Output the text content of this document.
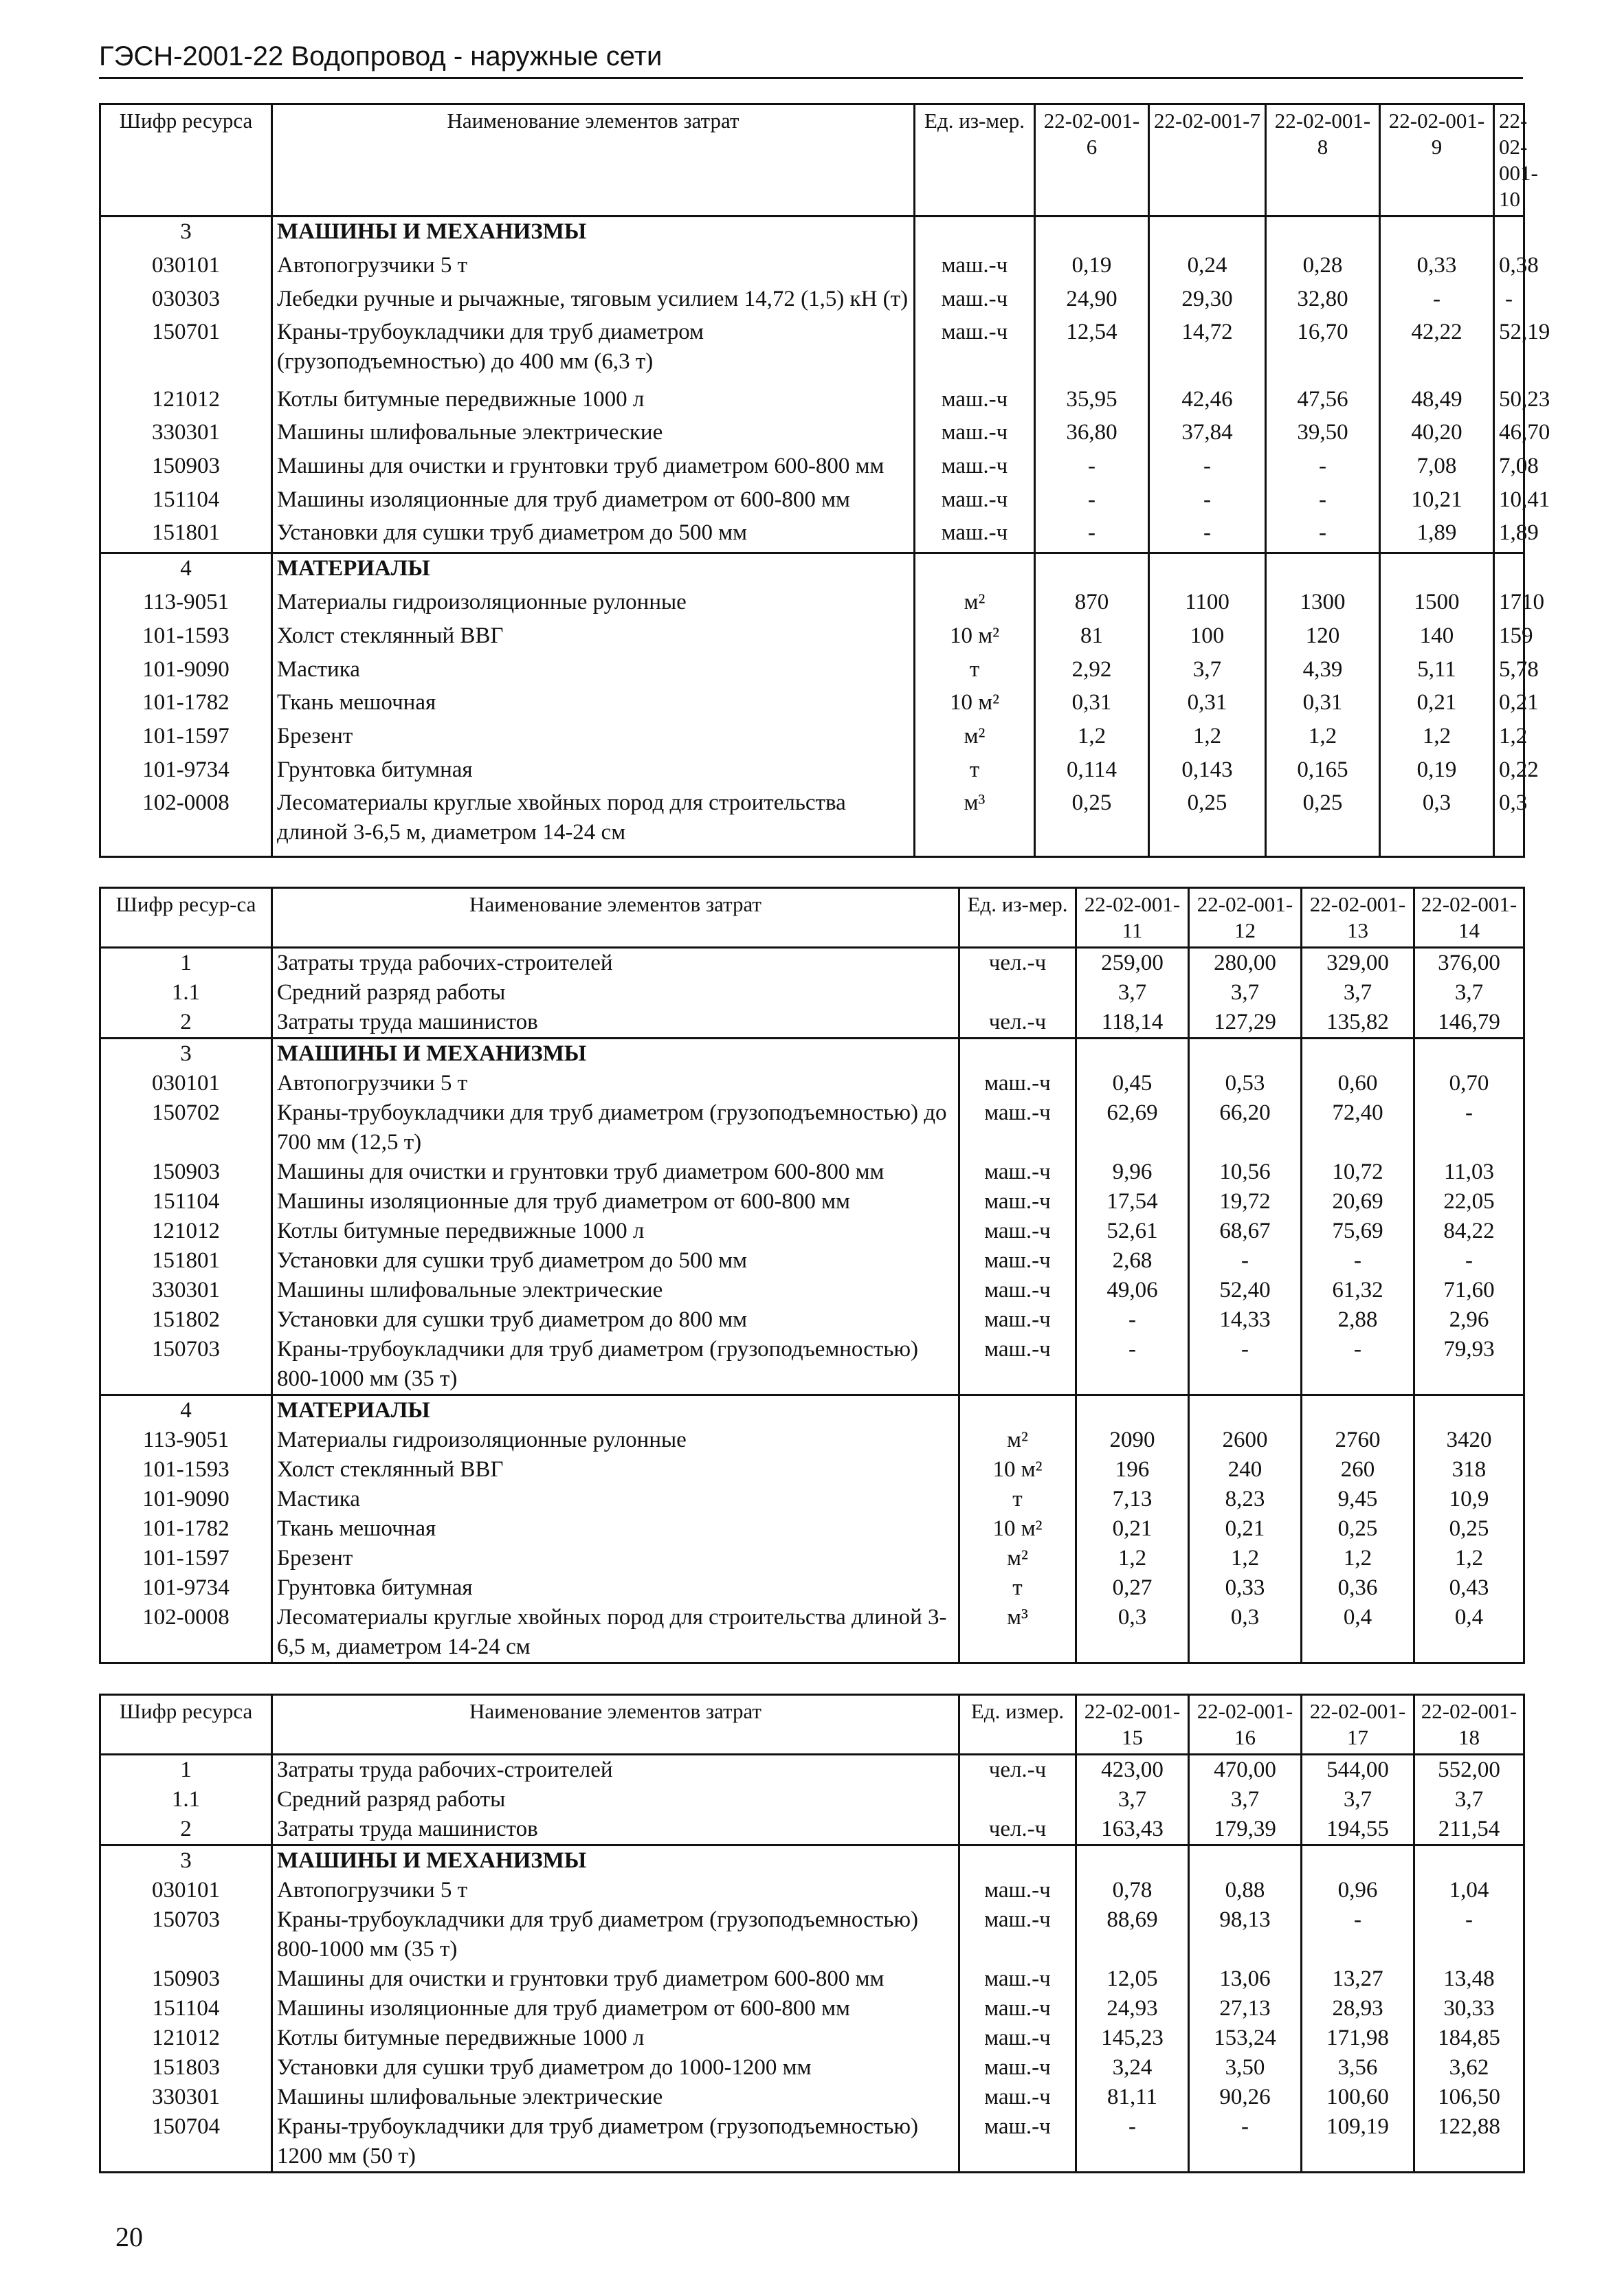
ГЭСН-2001-22 Водопровод - наружные сети
Шифр ресурса	Наименование элементов затрат	Ед. из-мер.	22-02-001-6	22-02-001-7	22-02-001-8	22-02-001-9	22-02-001-10	
3	МАШИНЫ И МЕХАНИЗМЫ							
030101	Автопогрузчики 5 т	маш.-ч	0,19	0,24	0,28	0,33	0,38	
030303	Лебедки ручные и рычажные, тяговым усилием 14,72 (1,5) кН (т)	маш.-ч	24,90	29,30	32,80	-	-	
150701	Краны-трубоукладчики для труб диаметром (грузоподъемностью) до 400 мм (6,3 т)	маш.-ч	12,54	14,72	16,70	42,22	52,19	
121012	Котлы битумные передвижные 1000 л	маш.-ч	35,95	42,46	47,56	48,49	50,23	
330301	Машины шлифовальные электрические	маш.-ч	36,80	37,84	39,50	40,20	46,70	
150903	Машины для очистки и грунтовки труб диаметром 600-800 мм	маш.-ч	-	-	-	7,08	7,08	
151104	Машины изоляционные для труб диаметром от 600-800 мм	маш.-ч	-	-	-	10,21	10,41	
151801	Установки для сушки труб диаметром до 500 мм	маш.-ч	-	-	-	1,89	1,89	
4	МАТЕРИАЛЫ							
113-9051	Материалы гидроизоляционные рулонные	м²	870	1100	1300	1500	1710	
101-1593	Холст стеклянный ВВГ	10 м²	81	100	120	140	159	
101-9090	Мастика	т	2,92	3,7	4,39	5,11	5,78	
101-1782	Ткань мешочная	10 м²	0,31	0,31	0,31	0,21	0,21	
101-1597	Брезент	м²	1,2	1,2	1,2	1,2	1,2	
101-9734	Грунтовка битумная	т	0,114	0,143	0,165	0,19	0,22	
102-0008	Лесоматериалы круглые хвойных пород для строительства длиной 3-6,5 м, диаметром 14-24 см	м³	0,25	0,25	0,25	0,3	0,3	
Шифр ресур-са	Наименование элементов затрат	Ед. из-мер.	22-02-001-11	22-02-001-12	22-02-001-13	22-02-001-14
1	Затраты труда рабочих-строителей	чел.-ч	259,00	280,00	329,00	376,00
1.1	Средний разряд работы		3,7	3,7	3,7	3,7
2	Затраты труда машинистов	чел.-ч	118,14	127,29	135,82	146,79
3	МАШИНЫ И МЕХАНИЗМЫ					
030101	Автопогрузчики 5 т	маш.-ч	0,45	0,53	0,60	0,70
150702	Краны-трубоукладчики для труб диаметром (грузоподъемностью) до 700 мм (12,5 т)	маш.-ч	62,69	66,20	72,40	-
150903	Машины для очистки и грунтовки труб диаметром 600-800 мм	маш.-ч	9,96	10,56	10,72	11,03
151104	Машины изоляционные для труб диаметром от 600-800 мм	маш.-ч	17,54	19,72	20,69	22,05
121012	Котлы битумные передвижные 1000 л	маш.-ч	52,61	68,67	75,69	84,22
151801	Установки для сушки труб диаметром до 500 мм	маш.-ч	2,68	-	-	-
330301	Машины шлифовальные электрические	маш.-ч	49,06	52,40	61,32	71,60
151802	Установки для сушки труб диаметром до 800 мм	маш.-ч	-	14,33	2,88	2,96
150703	Краны-трубоукладчики для труб диаметром (грузоподъемностью) 800-1000 мм (35 т)	маш.-ч	-	-	-	79,93
4	МАТЕРИАЛЫ					
113-9051	Материалы гидроизоляционные рулонные	м²	2090	2600	2760	3420
101-1593	Холст стеклянный ВВГ	10 м²	196	240	260	318
101-9090	Мастика	т	7,13	8,23	9,45	10,9
101-1782	Ткань мешочная	10 м²	0,21	0,21	0,25	0,25
101-1597	Брезент	м²	1,2	1,2	1,2	1,2
101-9734	Грунтовка битумная	т	0,27	0,33	0,36	0,43
102-0008	Лесоматериалы круглые хвойных пород для строительства длиной 3-6,5 м, диаметром 14-24 см	м³	0,3	0,3	0,4	0,4
Шифр ресурса	Наименование элементов затрат	Ед. измер.	22-02-001-15	22-02-001-16	22-02-001-17	22-02-001-18
1	Затраты труда рабочих-строителей	чел.-ч	423,00	470,00	544,00	552,00
1.1	Средний разряд работы		3,7	3,7	3,7	3,7
2	Затраты труда машинистов	чел.-ч	163,43	179,39	194,55	211,54
3	МАШИНЫ И МЕХАНИЗМЫ					
030101	Автопогрузчики 5 т	маш.-ч	0,78	0,88	0,96	1,04
150703	Краны-трубоукладчики для труб диаметром (грузоподъемностью) 800-1000 мм (35 т)	маш.-ч	88,69	98,13	-	-
150903	Машины для очистки и грунтовки труб диаметром 600-800 мм	маш.-ч	12,05	13,06	13,27	13,48
151104	Машины изоляционные для труб диаметром от 600-800 мм	маш.-ч	24,93	27,13	28,93	30,33
121012	Котлы битумные передвижные 1000 л	маш.-ч	145,23	153,24	171,98	184,85
151803	Установки для сушки труб диаметром до 1000-1200 мм	маш.-ч	3,24	3,50	3,56	3,62
330301	Машины шлифовальные электрические	маш.-ч	81,11	90,26	100,60	106,50
150704	Краны-трубоукладчики для труб диаметром (грузоподъемностью) 1200 мм (50 т)	маш.-ч	-	-	109,19	122,88
20
